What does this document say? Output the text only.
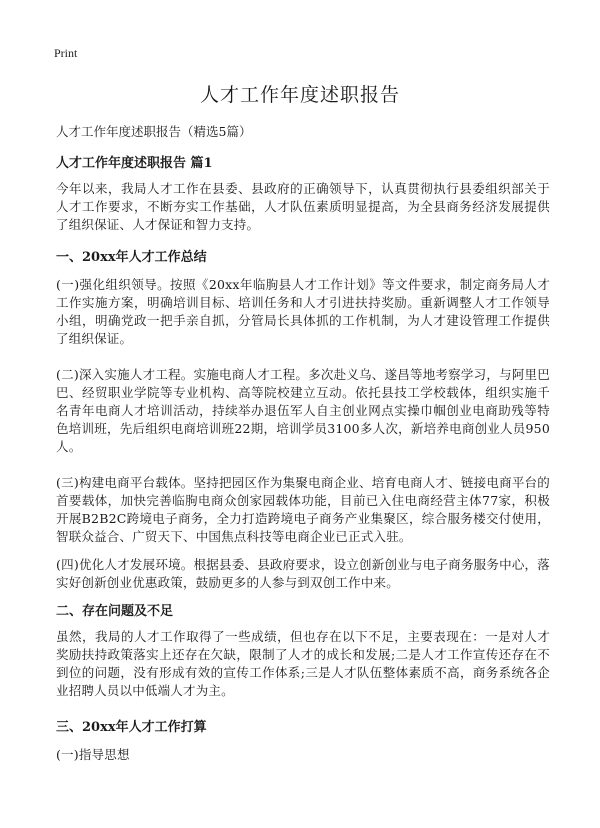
Print
人才工作年度述职报告
人才工作年度述职报告（精选5篇）
人才工作年度述职报告 篇1

今年以来，我局人才工作在县委、县政府的正确领导下，认真贯彻执行县委组织部关于人才工作要求，不断夯实工作基础，人才队伍素质明显提高，为全县商务经济发展提供了组织保证、人才保证和智力支持。

一、20xx年人才工作总结

(一)强化组织领导。按照《20xx年临朐县人才工作计划》等文件要求，制定商务局人才工作实施方案，明确培训目标、培训任务和人才引进扶持奖励。重新调整人才工作领导小组，明确党政一把手亲自抓，分管局长具体抓的工作机制，为人才建设管理工作提供了组织保证。

(二)深入实施人才工程。实施电商人才工程。多次赴义乌、遂昌等地考察学习，与阿里巴巴、经贸职业学院等专业机构、高等院校建立互动。依托县技工学校载体，组织实施千名青年电商人才培训活动，持续举办退伍军人自主创业网点实操巾帼创业电商助残等特色培训班，先后组织电商培训班22期，培训学员3100多人次，新培养电商创业人员950人。

(三)构建电商平台载体。坚持把园区作为集聚电商企业、培育电商人才、链接电商平台的首要载体，加快完善临朐电商众创家园载体功能，目前已入住电商经营主体77家，积极开展B2B2C跨境电子商务，全力打造跨境电子商务产业集聚区，综合服务楼交付使用，智联众益合、广贸天下、中国焦点科技等电商企业已正式入驻。

(四)优化人才发展环境。根据县委、县政府要求，设立创新创业与电子商务服务中心，落实好创新创业优惠政策，鼓励更多的人参与到双创工作中来。

二、存在问题及不足

虽然，我局的人才工作取得了一些成绩，但也存在以下不足，主要表现在：一是对人才奖励扶持政策落实上还存在欠缺，限制了人才的成长和发展;二是人才工作宣传还存在不到位的问题，没有形成有效的宣传工作体系;三是人才队伍整体素质不高，商务系统各企业招聘人员以中低端人才为主。

三、20xx年人才工作打算

(一)指导思想
